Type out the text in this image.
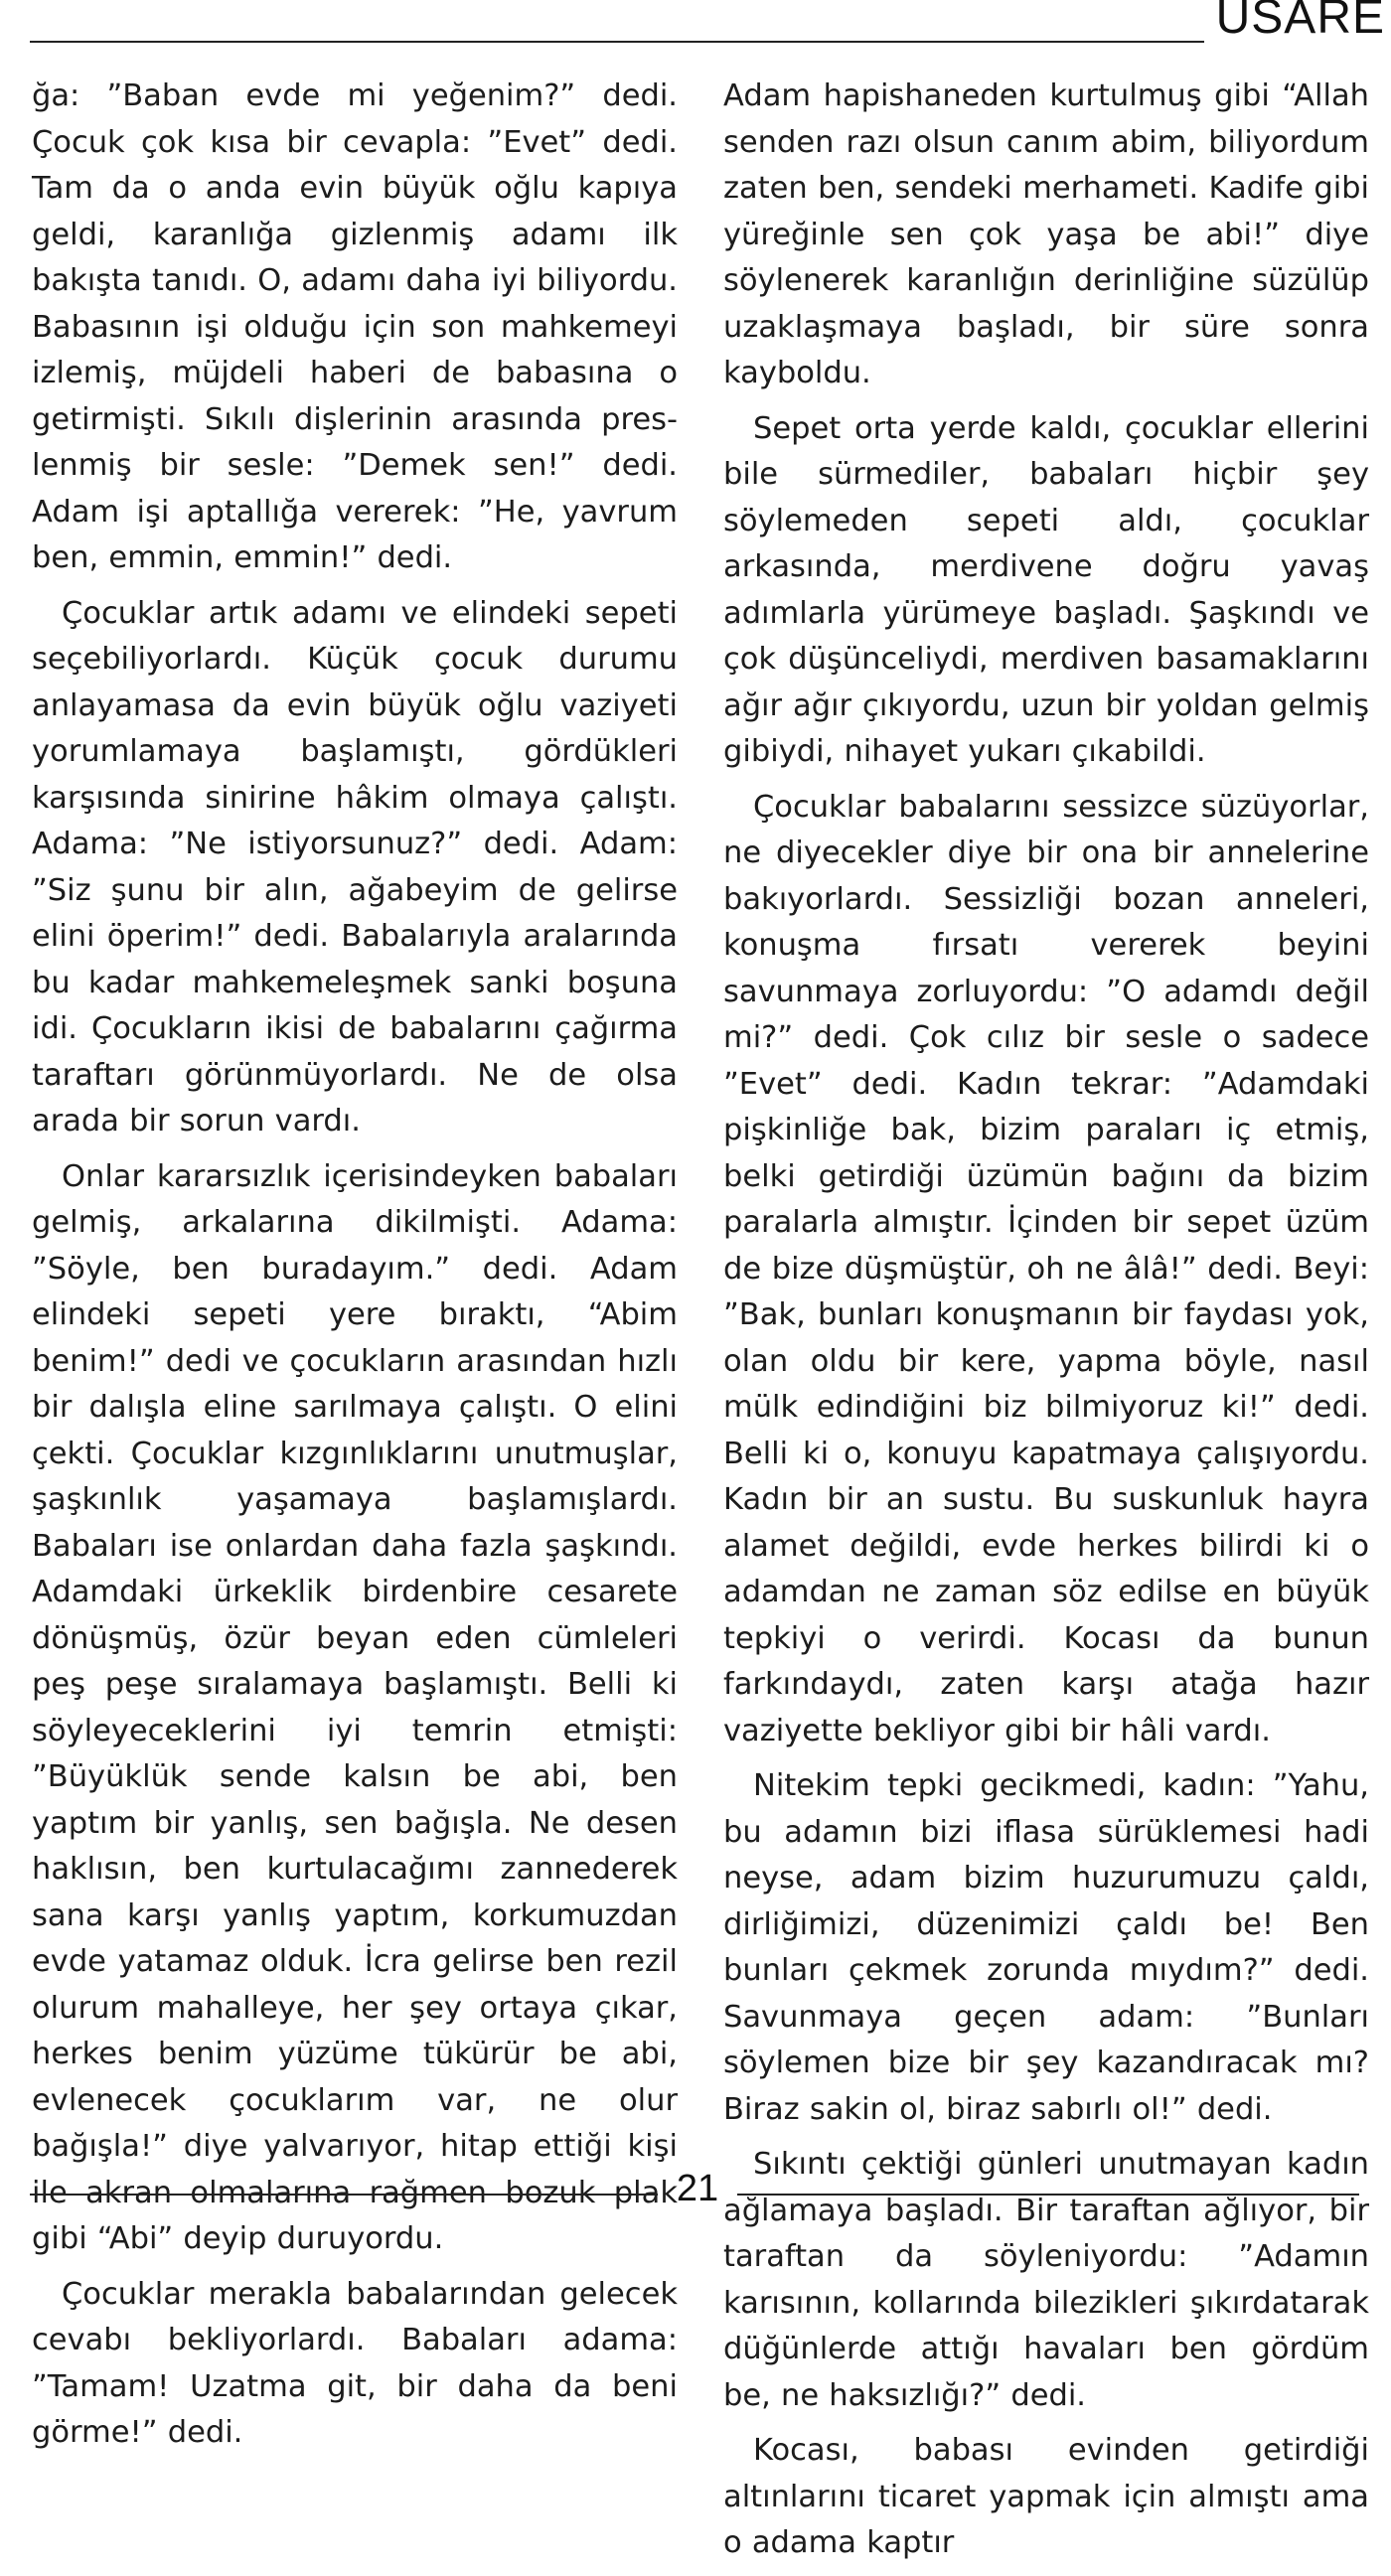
USARE

ğa: ”Baban evde mi yeğenim?” dedi. Çocuk çok kısa bir cevapla: ”Evet” dedi. Tam da o anda evin büyük oğlu kapıya geldi, karanlığa gizlenmiş adamı ilk bakışta tanıdı. O, adamı daha iyi biliyordu. Babasının işi olduğu için son mahkemeyi izlemiş, müjdeli haberi de babasına o getirmişti. Sıkılı dişlerinin arasında preslenmiş bir sesle: ”Demek sen!” dedi. Adam işi aptallığa vererek: ”He, yavrum ben, emmin, emmin!” dedi.

Çocuklar artık adamı ve elindeki sepeti seçebiliyorlardı. Küçük çocuk durumu anlayamasa da evin büyük oğlu vaziyeti yorumlamaya başlamıştı, gördükleri karşısında sinirine hâkim olmaya çalıştı. Adama: ”Ne istiyorsunuz?” dedi. Adam: ”Siz şunu bir alın, ağabeyim de gelirse elini öperim!” dedi. Babalarıyla aralarında bu kadar mahkemeleşmek sanki boşuna idi. Çocukların ikisi de babalarını çağırma taraftarı görünmüyorlardı. Ne de olsa arada bir sorun vardı.

Onlar kararsızlık içerisindeyken babaları gelmiş, arkalarına dikilmişti. Adama: ”Söyle, ben buradayım.” dedi. Adam elindeki sepeti yere bıraktı, “Abim benim!” dedi ve çocukların arasından hızlı bir dalışla eline sarılmaya çalıştı. O elini çekti. Çocuklar kızgınlıklarını unutmuşlar, şaşkınlık yaşamaya başlamışlardı. Babaları ise onlardan daha fazla şaşkındı. Adamdaki ürkeklik birdenbire cesarete dönüşmüş, özür beyan eden cümleleri peş peşe sıralamaya başlamıştı. Belli ki söyleyeceklerini iyi temrin etmişti: ”Büyüklük sende kalsın be abi, ben yaptım bir yanlış, sen bağışla. Ne desen haklısın, ben kurtulacağımı zannederek sana karşı yanlış yaptım, korkumuzdan evde yatamaz olduk. İcra gelirse ben rezil olurum mahalleye, her şey ortaya çıkar, herkes benim yüzüme tükürür be abi, evlenecek çocuklarım var, ne olur bağışla!” diye yalvarıyor, hitap ettiği kişi ile akran olmalarına rağmen bozuk plak gibi “Abi” deyip duruyordu.

Çocuklar merakla babalarından gelecek cevabı bekliyorlardı. Babaları adama: ”Tamam! Uzatma git, bir daha da beni görme!” dedi.

Adam hapishaneden kurtulmuş gibi “Allah senden razı olsun canım abim, biliyordum zaten ben, sendeki merhameti. Kadife gibi yüreğinle sen çok yaşa be abi!” diye söylenerek karanlığın derinliğine süzülüp uzaklaşmaya başladı, bir süre sonra kayboldu.

Sepet orta yerde kaldı, çocuklar ellerini bile sürmediler, babaları hiçbir şey söylemeden sepeti aldı, çocuklar arkasında, merdivene doğru yavaş adımlarla yürümeye başladı. Şaşkındı ve çok düşünceliydi, merdiven basamaklarını ağır ağır çıkıyordu, uzun bir yoldan gelmiş gibiydi, nihayet yukarı çıkabildi.

Çocuklar babalarını sessizce süzüyorlar, ne diyecekler diye bir ona bir annelerine bakıyorlardı. Sessizliği bozan anneleri, konuşma fırsatı vererek beyini savunmaya zorluyordu: ”O adamdı değil mi?” dedi. Çok cılız bir sesle o sadece ”Evet” dedi. Kadın tekrar: ”Adamdaki pişkinliğe bak, bizim paraları iç etmiş, belki getirdiği üzümün bağını da bizim paralarla almıştır. İçinden bir sepet üzüm de bize düşmüştür, oh ne âlâ!” dedi. Beyi: ”Bak, bunları konuşmanın bir faydası yok, olan oldu bir kere, yapma böyle, nasıl mülk edindiğini biz bilmiyoruz ki!” dedi. Belli ki o, konuyu kapatmaya çalışıyordu. Kadın bir an sustu. Bu suskunluk hayra alamet değildi, evde herkes bilirdi ki o adamdan ne zaman söz edilse en büyük tepkiyi o verirdi. Kocası da bunun farkındaydı, zaten karşı atağa hazır vaziyette bekliyor gibi bir hâli vardı.

Nitekim tepki gecikmedi, kadın: ”Yahu, bu adamın bizi iflasa sürüklemesi hadi neyse, adam bizim huzurumuzu çaldı, dirliğimizi, düzenimizi çaldı be! Ben bunları çekmek zorunda mıydım?” dedi. Savunmaya geçen adam: ”Bunları söylemen bize bir şey kazandıracak mı? Biraz sakin ol, biraz sabırlı ol!” dedi.

Sıkıntı çektiği günleri unutmayan kadın ağlamaya başladı. Bir taraftan ağlıyor, bir taraftan da söyleniyordu: ”Adamın karısının, kollarında bilezikleri şıkırdatarak düğünlerde attığı havaları ben gördüm be, ne haksızlığı?” dedi.

Kocası, babası evinden getirdiği altınlarını ticaret yapmak için almıştı ama o adama kaptır

21
